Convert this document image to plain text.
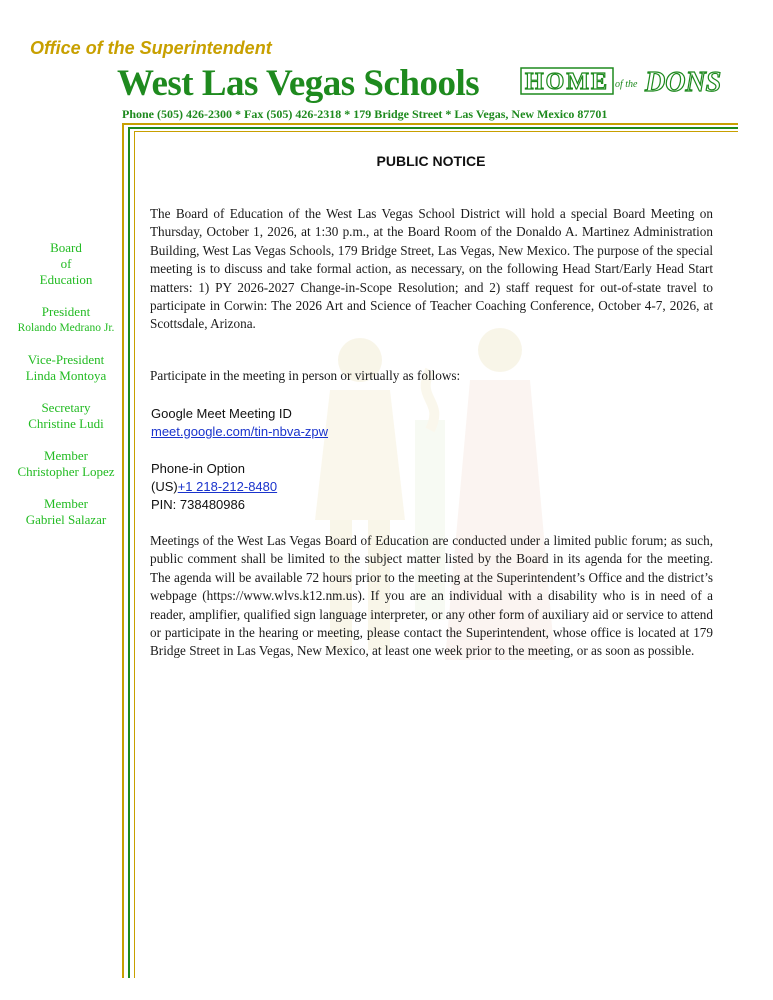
Office of the Superintendent
West Las Vegas Schools HOME of the DONS
Phone (505) 426-2300 * Fax (505) 426-2318 * 179 Bridge Street * Las Vegas, New Mexico 87701
Board
of
Education
President
Rolando Medrano Jr.
Vice-President
Linda Montoya
Secretary
Christine Ludi
Member
Christopher Lopez
Member
Gabriel Salazar
PUBLIC NOTICE
The Board of Education of the West Las Vegas School District will hold a special Board Meeting on Thursday, October 1, 2026, at 1:30 p.m., at the Board Room of the Donaldo A. Martinez Administration Building, West Las Vegas Schools, 179 Bridge Street, Las Vegas, New Mexico. The purpose of the special meeting is to discuss and take formal action, as necessary, on the following Head Start/Early Head Start matters: 1) PY 2026-2027 Change-in-Scope Resolution; and 2) staff request for out-of-state travel to participate in Corwin: The 2026 Art and Science of Teacher Coaching Conference, October 4-7, 2026, at Scottsdale, Arizona.
Participate in the meeting in person or virtually as follows:
Google Meet Meeting ID
meet.google.com/tin-nbva-zpw
Phone-in Option
(US)+1 218-212-8480
PIN: 738480986
Meetings of the West Las Vegas Board of Education are conducted under a limited public forum; as such, public comment shall be limited to the subject matter listed by the Board in its agenda for the meeting. The agenda will be available 72 hours prior to the meeting at the Superintendent’s Office and the district’s webpage (https://www.wlvs.k12.nm.us). If you are an individual with a disability who is in need of a reader, amplifier, qualified sign language interpreter, or any other form of auxiliary aid or service to attend or participate in the hearing or meeting, please contact the Superintendent, whose office is located at 179 Bridge Street in Las Vegas, New Mexico, at least one week prior to the meeting, or as soon as possible.
